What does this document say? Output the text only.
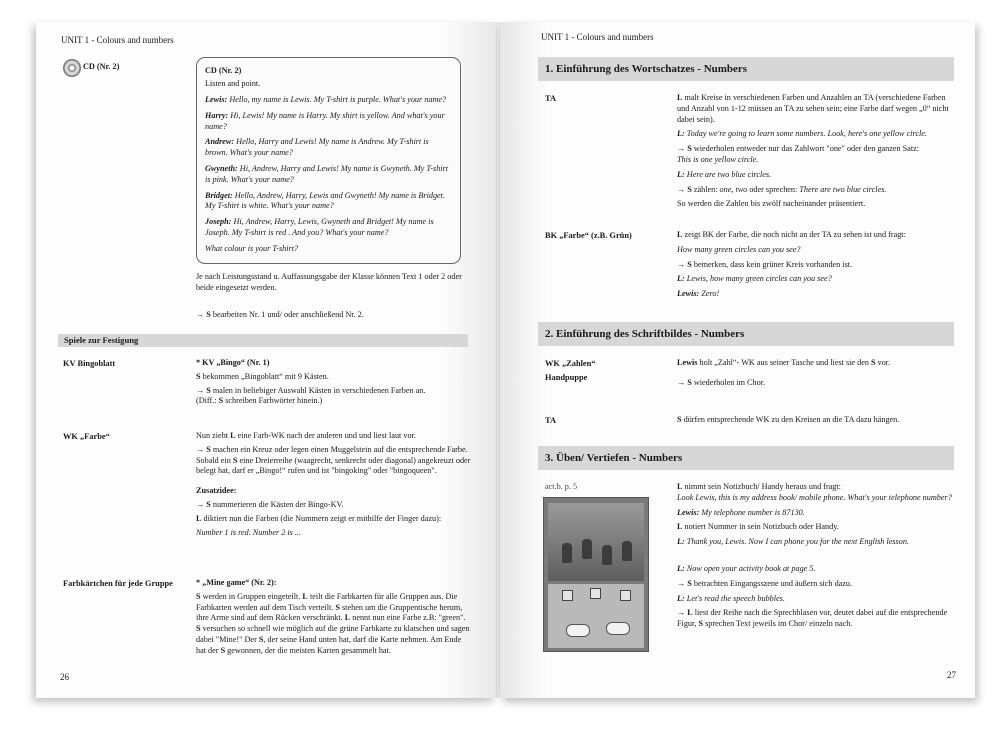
UNIT 1 - Colours and numbers
CD (Nr. 2)	CD (Nr. 2)
Listen and point.
Lewis: Hello, my name is Lewis. My T-shirt is purple. What's your name?
Harry: Hi, Lewis! My name is Harry. My shirt is yellow. And what's your name?
Andrew: Hello, Harry and Lewis! My name is Andrew. My T-shirt is brown. What's your name?
Gwyneth: Hi, Andrew, Harry and Lewis! My name is Gwyneth. My T-shirt is pink. What's your name?
Bridget: Hello, Andrew, Harry, Lewis and Gwyneth! My name is Bridget. My T-shirt is white. What's your name?
Joseph: Hi, Andrew, Harry, Lewis, Gwyneth and Bridget! My name is Joseph. My T-shirt is red . And you? What's your name?
What colour is your T-shirt?
Je nach Leistungsstand u. Auffassungsgabe der Klasse können Text 1 oder 2 oder beide eingesetzt werden.
→ S bearbeiten Nr. 1 und/ oder anschließend Nr. 2.
Spiele zur Festigung
KV Bingoblatt	* KV „Bingo“ (Nr. 1)

S bekommen „Bingoblatt“ mit 9 Kästen.

→ S malen in beliebiger Auswahl Kästen in verschiedenen Farben an.

(Diff.: S schreiben Farbwörter hinein.)

WK „Farbe“	Nun zieht L eine Farb-WK nach der anderen und und liest laut vor.

→ S machen ein Kreuz oder legen einen Muggelstein auf die entsprechende Farbe. Sobald ein S eine Dreierreihe (waagrecht, senkrecht oder diagonal) angekreuzt oder belegt hat, darf er „Bingo!“ rufen und ist "bingoking" oder "bingoqueen".

Zusatzidee:

→ S nummerieren die Kästen der Bingo-KV.

L diktiert nun die Farben (die Nummern zeigt er mithilfe der Finger dazu):

Number 1 is red. Number 2 is ...

Farbkärtchen für jede Gruppe	* „Mine game“ (Nr. 2):

S werden in Gruppen eingeteilt. L teilt die Farbkarten für alle Gruppen aus. Die Farbkarten werden auf dem Tisch verteilt. S stehen um die Gruppentische herum, ihre Arme sind auf dem Rücken verschränkt. L nennt nun eine Farbe z.B: "green". S versuchen so schnell wie möglich auf die grüne Farbkarte zu klatschen und sagen dabei "Mine!" Der S, der seine Hand unten hat, darf die Karte nehmen. Am Ende hat der S gewonnen, der die meisten Karten gesammelt hat.

26
UNIT 1 - Colours and numbers
1. Einführung des Wortschatzes - Numbers
TA	L malt Kreise in verschiedenen Farben und Anzahlen an TA (verschiedene Farben und Anzahl von 1-12 müssen an TA zu sehen sein; eine Farbe darf wegen „0“ nicht dabei sein).

L: Today we're going to learn some numbers. Look, here's one yellow circle.

→ S wiederholen entweder nur das Zahlwort "one" oder den ganzen Satz:

This is one yellow circle.

L: Here are two blue circles.

→ S zählen: one, two oder sprechen: There are two blue circles.

So werden die Zahlen bis zwölf nacheinander präsentiert.

BK „Farbe“ (z.B. Grün)	L zeigt BK der Farbe, die noch nicht an der TA zu sehen ist und fragt:

How many green circles can you see?

→ S bemerken, dass kein grüner Kreis vorhanden ist.

L: Lewis, how many green circles can you see?

Lewis: Zero!

2. Einführung des Schriftbildes - Numbers
WK „Zahlen“
Handpuppe

Lewis holt „Zahl“- WK aus seiner Tasche und liest sie den S vor.

→ S wiederholen im Chor.

TA	S dürfen entsprechende WK zu den Kreisen an die TA dazu hängen.

3. Üben/ Vertiefen - Numbers
act.b. p. 5	L nimmt sein Notizbuch/ Handy heraus und fragt:

Look Lewis, this is my address book/ mobile phone. What's your telephone number?

Lewis: My telephone number is 87130.

L notiert Nummer in sein Notizbuch oder Handy.

L: Thank you, Lewis. Now I can phone you for the next English lesson.

L: Now open your activity book at page 5.

→ S betrachten Eingangsszene und äußern sich dazu.

L: Let's read the speech bubbles.

→ L liest der Reihe nach die Sprechblasen vor, deutet dabei auf die entsprechende Figur, S sprechen Text jeweils im Chor/ einzeln nach.

27
